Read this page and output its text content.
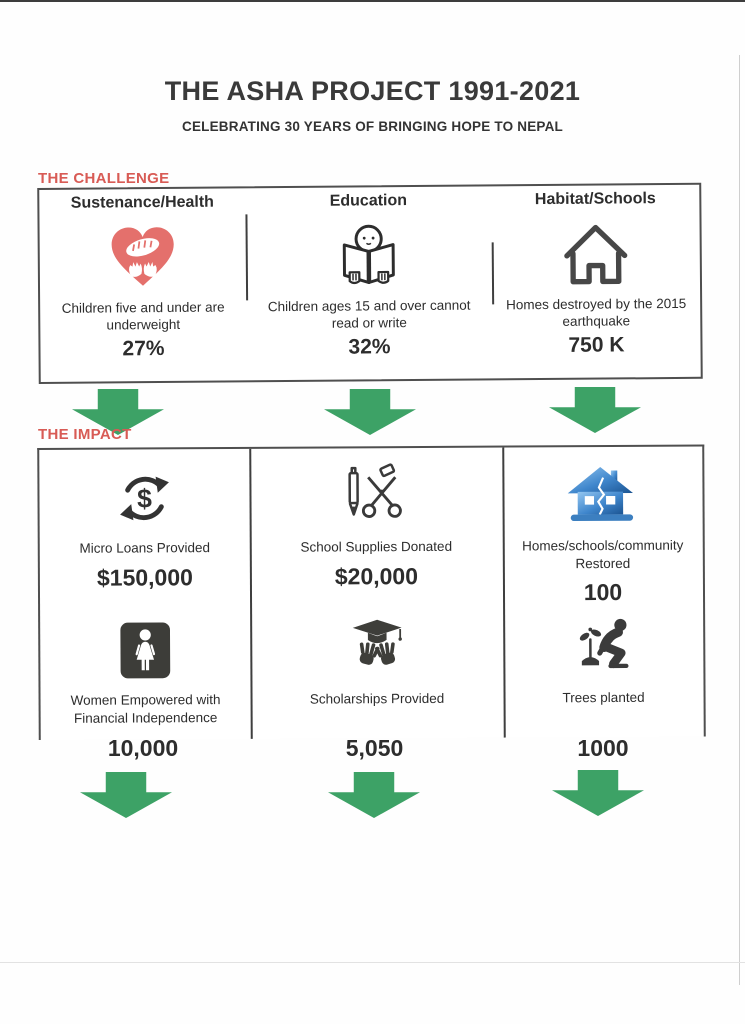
THE ASHA PROJECT 1991-2021
CELEBRATING 30 YEARS OF BRINGING HOPE TO NEPAL
THE CHALLENGE
Sustenance/Health
Children five and under are underweight
27%
Education
Children ages 15 and over cannot read or write
32%
Habitat/Schools
Homes destroyed by the 2015 earthquake
750 K
THE IMPACT
$
Micro Loans Provided
$150,000
School Supplies Donated
$20,000
Homes/schools/community Restored
100
Women Empowered with Financial Independence
Scholarships Provided	Trees planted
10,000	5,050	1000
